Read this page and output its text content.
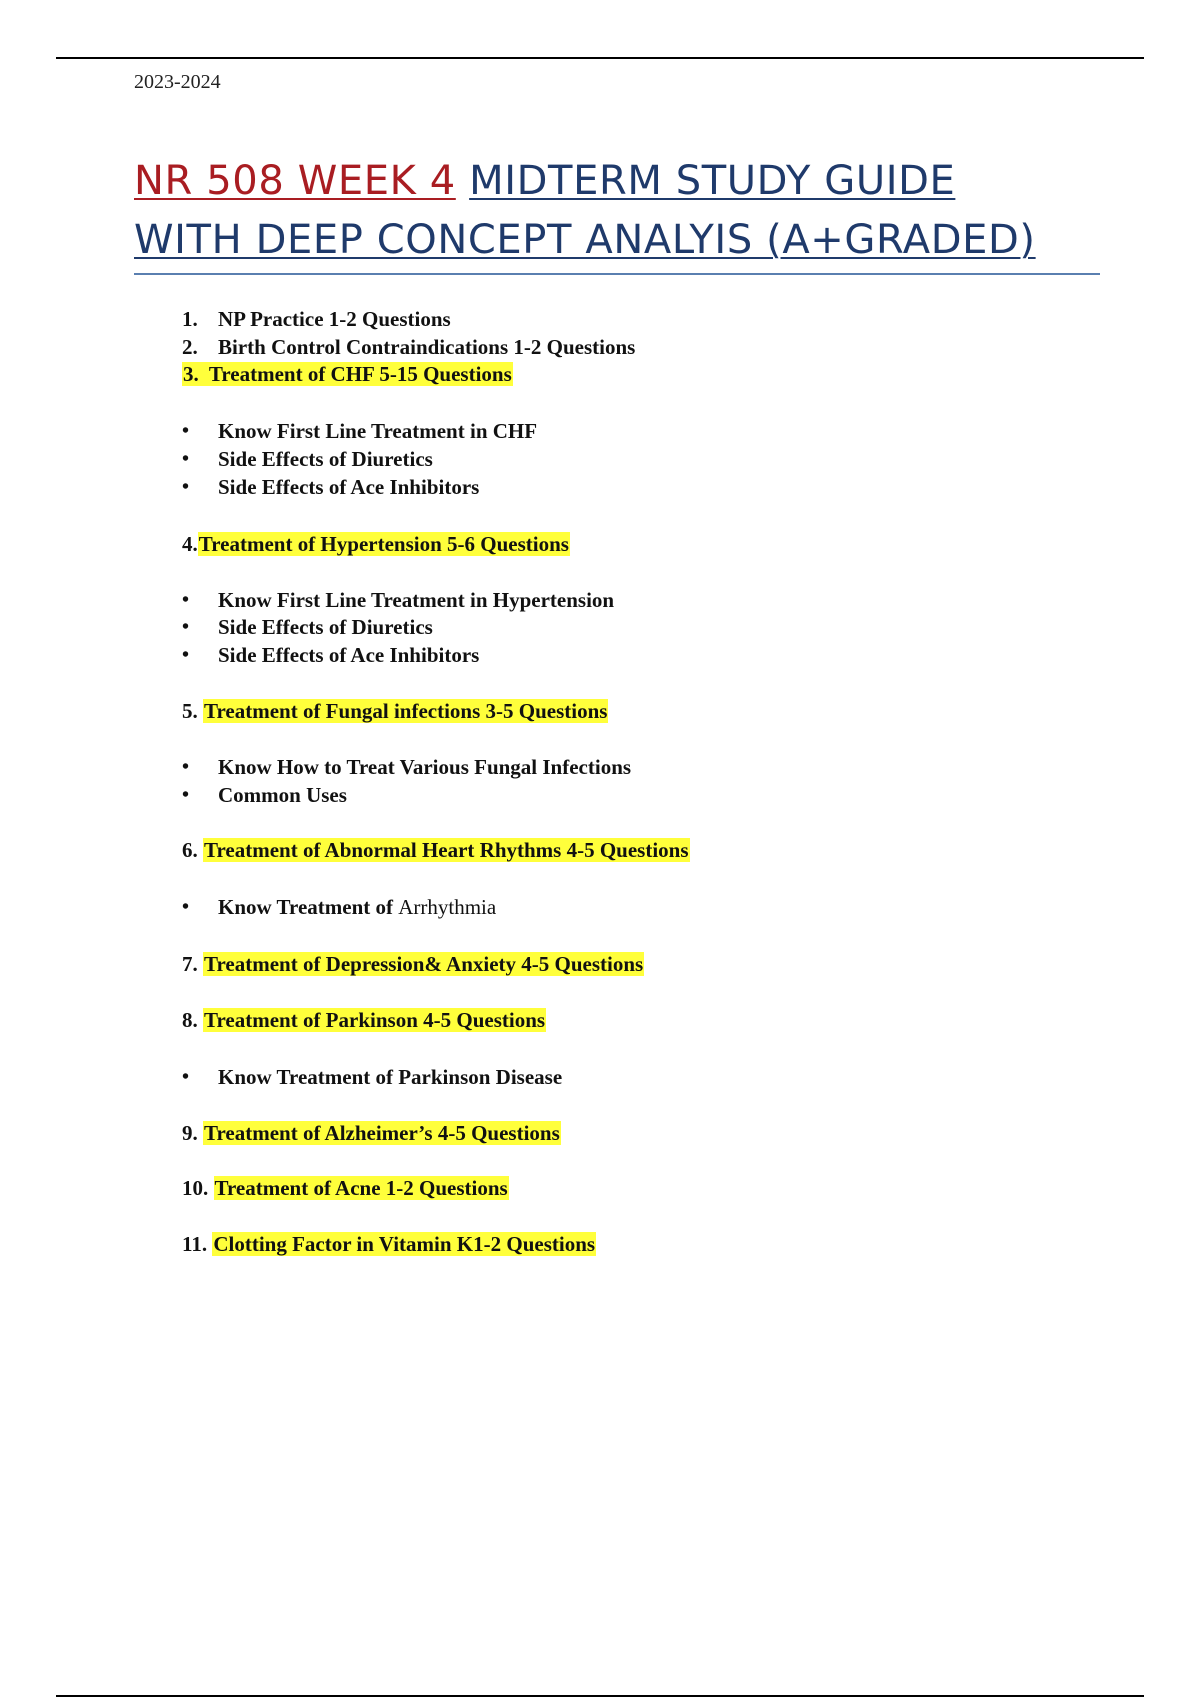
2023-2024
NR 508 WEEK 4 MIDTERM STUDY GUIDE
WITH DEEP CONCEPT ANALYIS (A+GRADED)
1. NP Practice 1-2 Questions
2. Birth Control Contraindications 1-2 Questions
3. Treatment of CHF 5-15 Questions
• Know First Line Treatment in CHF
• Side Effects of Diuretics
• Side Effects of Ace Inhibitors
4.Treatment of Hypertension 5-6 Questions
• Know First Line Treatment in Hypertension
• Side Effects of Diuretics
• Side Effects of Ace Inhibitors
5. Treatment of Fungal infections 3-5 Questions
• Know How to Treat Various Fungal Infections
• Common Uses
6. Treatment of Abnormal Heart Rhythms 4-5 Questions
• Know Treatment of Arrhythmia
7. Treatment of Depression& Anxiety 4-5 Questions
8. Treatment of Parkinson 4-5 Questions
• Know Treatment of Parkinson Disease
9. Treatment of Alzheimer’s 4-5 Questions
10. Treatment of Acne 1-2 Questions
11. Clotting Factor in Vitamin K1-2 Questions
